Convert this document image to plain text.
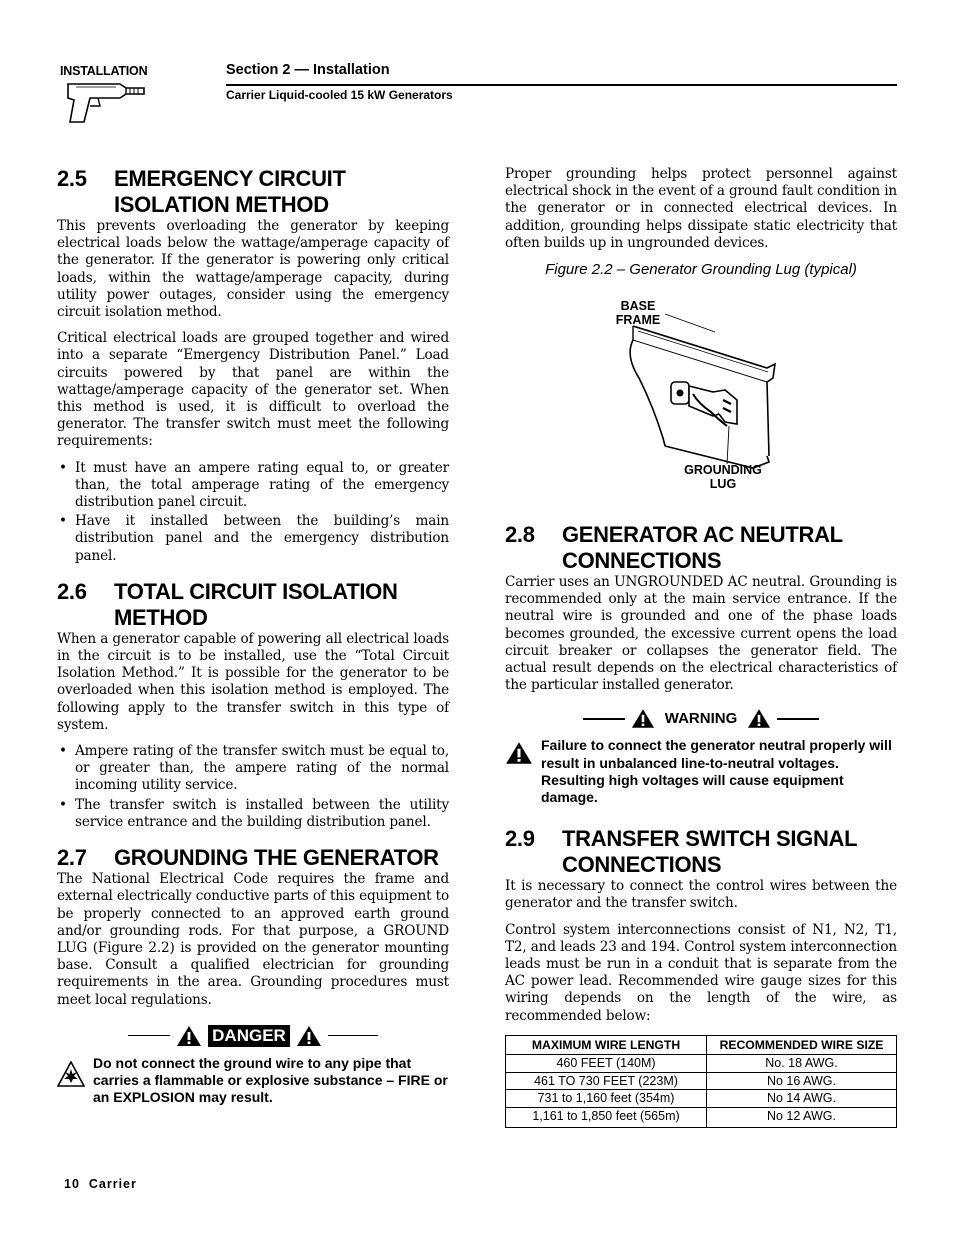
INSTALLATION	Section 2 — Installation
Carrier Liquid-cooled 15 kW Generators
2.5	EMERGENCY CIRCUIT ISOLATION METHOD

This prevents overloading the generator by keeping electrical loads below the wattage/amperage capacity of the generator. If the generator is powering only critical loads, within the wattage/amperage capacity, during utility power outages, consider using the emergency circuit isolation method.

Critical electrical loads are grouped together and wired into a separate “Emergency Distribution Panel.” Load circuits powered by that panel are within the wattage/amperage capacity of the generator set. When this method is used, it is difficult to overload the generator. The transfer switch must meet the following requirements:

• It must have an ampere rating equal to, or greater than, the total amperage rating of the emergency distribution panel circuit.
• Have it installed between the building’s main distribution panel and the emergency distribution panel.
2.6	TOTAL CIRCUIT ISOLATION METHOD

When a generator capable of powering all electrical loads in the circuit is to be installed, use the “Total Circuit Isolation Method.” It is possible for the generator to be overloaded when this isolation method is employed. The following apply to the transfer switch in this type of system.

• Ampere rating of the transfer switch must be equal to, or greater than, the ampere rating of the normal incoming utility service.
• The transfer switch is installed between the utility service entrance and the building distribution panel.
2.7	GROUNDING THE GENERATOR

The National Electrical Code requires the frame and external electrically conductive parts of this equipment to be properly connected to an approved earth ground and/or grounding rods. For that purpose, a GROUND LUG (Figure 2.2) is provided on the generator mounting base. Consult a qualified electrician for grounding requirements in the area. Grounding procedures must meet local regulations.

DANGER
Do not connect the ground wire to any pipe that carries a flammable or explosive substance – FIRE or an EXPLOSION may result.

Proper grounding helps protect personnel against electrical shock in the event of a ground fault condition in the generator or in connected electrical devices. In addition, grounding helps dissipate static electricity that often builds up in ungrounded devices.

Figure 2.2 – Generator Grounding Lug (typical)
BASE FRAME
GROUNDING LUG
2.8	GENERATOR AC NEUTRAL CONNECTIONS

Carrier uses an UNGROUNDED AC neutral. Grounding is recommended only at the main service entrance. If the neutral wire is grounded and one of the phase loads becomes grounded, the excessive current opens the load circuit breaker or collapses the generator field. The actual result depends on the electrical characteristics of the particular installed generator.

WARNING
Failure to connect the generator neutral properly will result in unbalanced line-to-neutral voltages. Resulting high voltages will cause equipment damage.
2.9	TRANSFER SWITCH SIGNAL CONNECTIONS

It is necessary to connect the control wires between the generator and the transfer switch.

Control system interconnections consist of N1, N2, T1, T2, and leads 23 and 194. Control system interconnection leads must be run in a conduit that is separate from the AC power lead. Recommended wire gauge sizes for this wiring depends on the length of the wire, as recommended below:

MAXIMUM WIRE LENGTH	RECOMMENDED WIRE SIZE
460 FEET (140M)	No. 18 AWG.
461 TO 730 FEET (223M)	No 16 AWG.
731 to 1,160 feet (354m)	No 14 AWG.
1,161 to 1,850 feet (565m)	No 12 AWG.
10 Carrier
